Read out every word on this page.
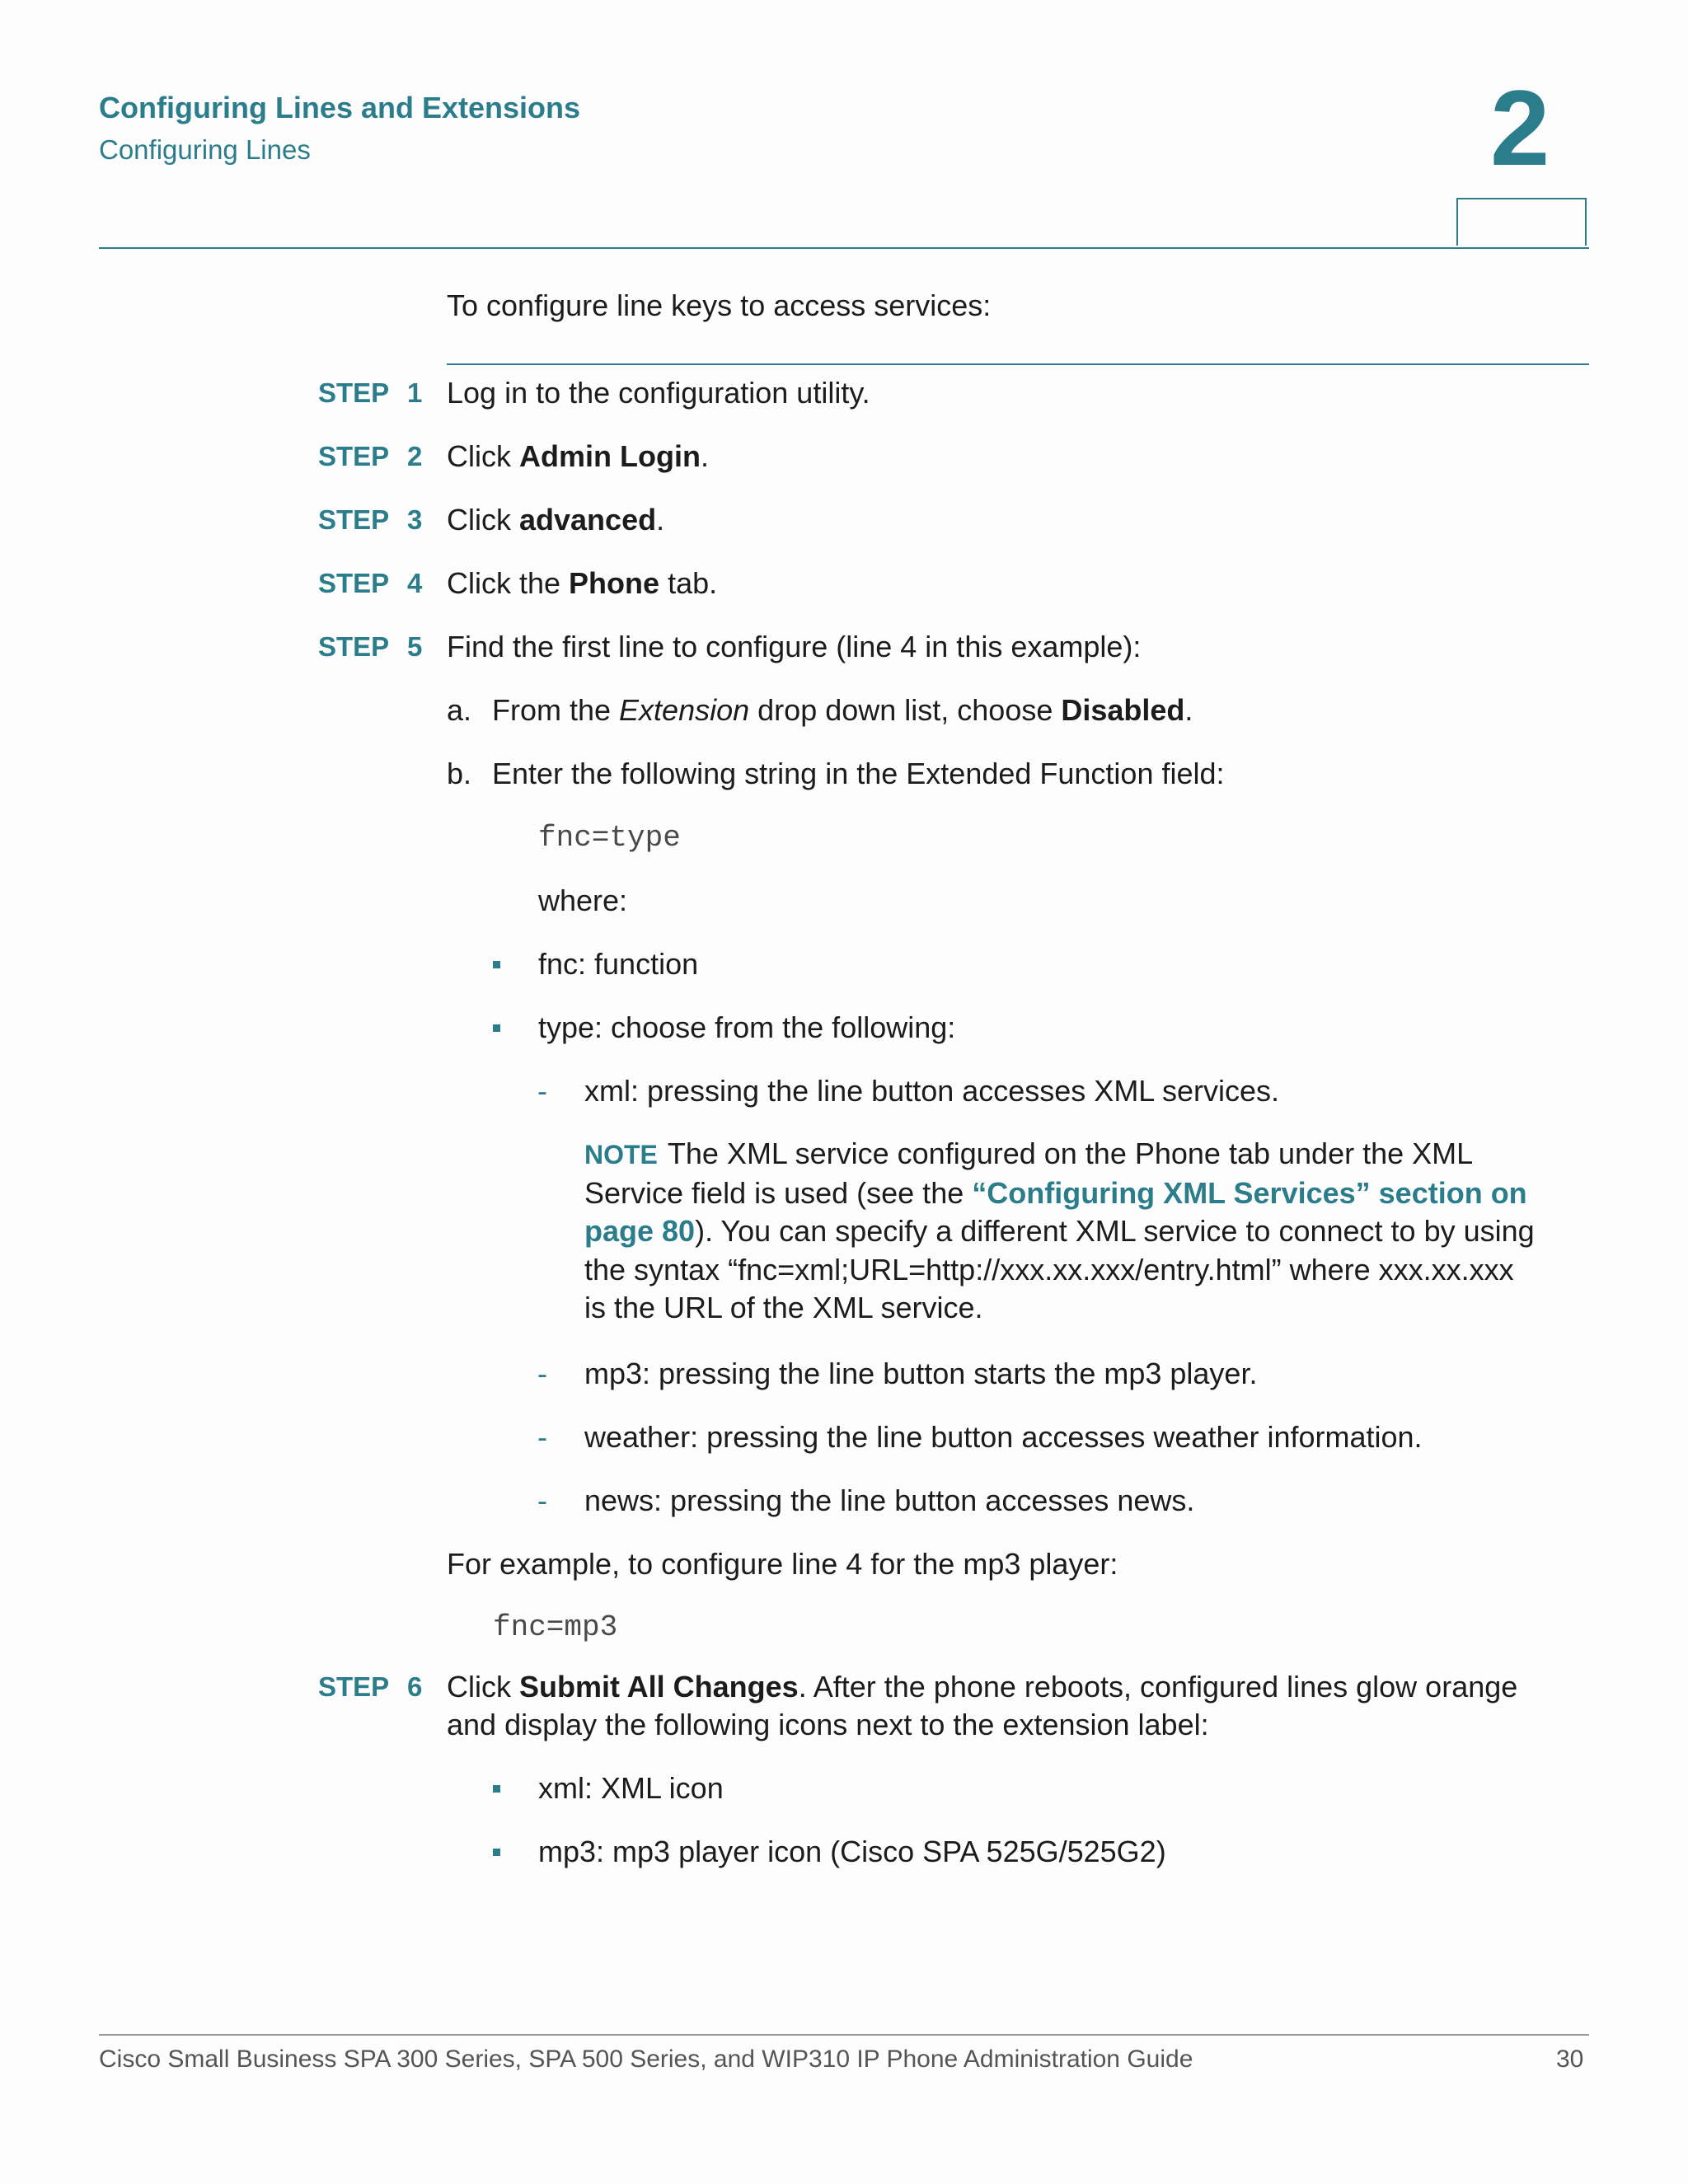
Configuring Lines and Extensions
Configuring Lines	2
To configure line keys to access services:
STEP 1 Log in to the configuration utility.
STEP 2 Click Admin Login.
STEP 3 Click advanced.
STEP 4 Click the Phone tab.
STEP 5 Find the first line to configure (line 4 in this example):
a. From the Extension drop down list, choose Disabled.
b. Enter the following string in the Extended Function field:
fnc=type
where:
fnc: function
type: choose from the following:
- xml: pressing the line button accesses XML services.
NOTE The XML service configured on the Phone tab under the XML
Service field is used (see the “Configuring XML Services” section on
page 80). You can specify a different XML service to connect to by using
the syntax “fnc=xml;URL=http://xxx.xx.xxx/entry.html” where xxx.xx.xxx
is the URL of the XML service.
- mp3: pressing the line button starts the mp3 player.
- weather: pressing the line button accesses weather information.
- news: pressing the line button accesses news.
For example, to configure line 4 for the mp3 player:
fnc=mp3
STEP 6 Click Submit All Changes. After the phone reboots, configured lines glow orange
and display the following icons next to the extension label:
xml: XML icon
mp3: mp3 player icon (Cisco SPA 525G/525G2)
Cisco Small Business SPA 300 Series, SPA 500 Series, and WIP310 IP Phone Administration Guide	30
